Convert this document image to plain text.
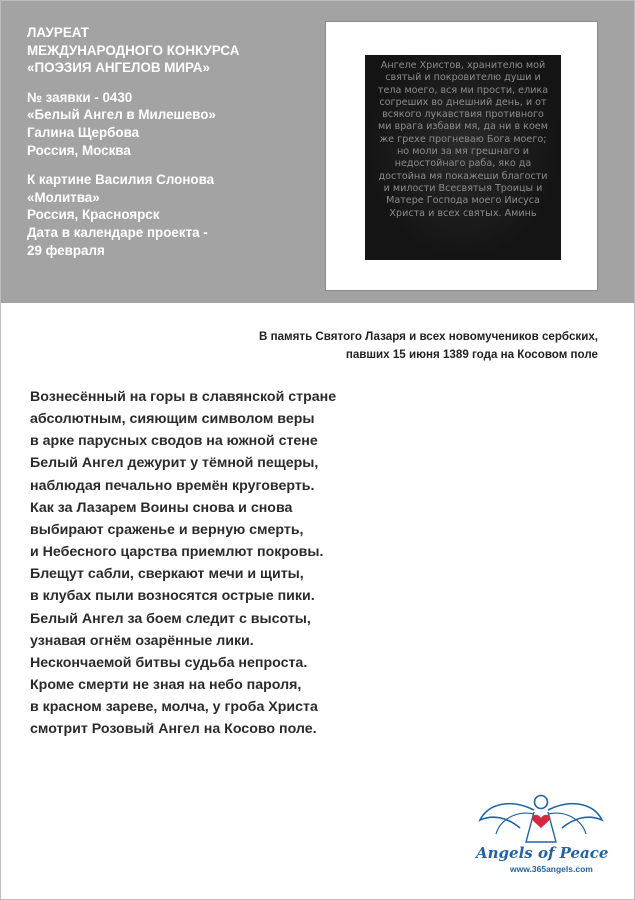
ЛАУРЕАТ
МЕЖДУНАРОДНОГО КОНКУРСА
«ПОЭЗИЯ АНГЕЛОВ МИРА»
№ заявки - 0430
«Белый Ангел в Милешево»
Галина Щербова
Россия, Москва
К картине Василия Слонова
«Молитва»
Россия, Красноярск
Дата в календаре проекта -
29 февраля
Ангеле Христов, хранителю мой
святый и покровителю души и
тела моего, вся ми прости, елика
согреших во днешний день, и от
всякого лукавствия противного
ми врага избави мя, да ни в коем
же грехе прогневаю Бога моего;
но моли за мя грешнаго и
недостойнаго раба, яко да
достойна мя покажеши благости
и милости Всесвятыя Троицы и
Матере Господа моего Иисуса
Христа и всех святых. Аминь
В память Святого Лазаря и всех новомучеников сербских,
павших 15 июня 1389 года на Косовом поле
Вознесённый на горы в славянской стране
абсолютным, сияющим символом веры
в арке парусных сводов на южной стене
Белый Ангел дежурит у тёмной пещеры,
наблюдая печально времён круговерть.
Как за Лазарем Воины снова и снова
выбирают сраженье и верную смерть,
и Небесного царства приемлют покровы.
Блещут сабли, сверкают мечи и щиты,
в клубах пыли возносятся острые пики.
Белый Ангел за боем следит с высоты,
узнавая огнём озарённые лики.
Нескончаемой битвы судьба непроста.
Кроме смерти не зная на небо пароля,
в красном зареве, молча, у гроба Христа
смотрит Розовый Ангел на Косово поле.
Angels of Peace
www.365angels.com
